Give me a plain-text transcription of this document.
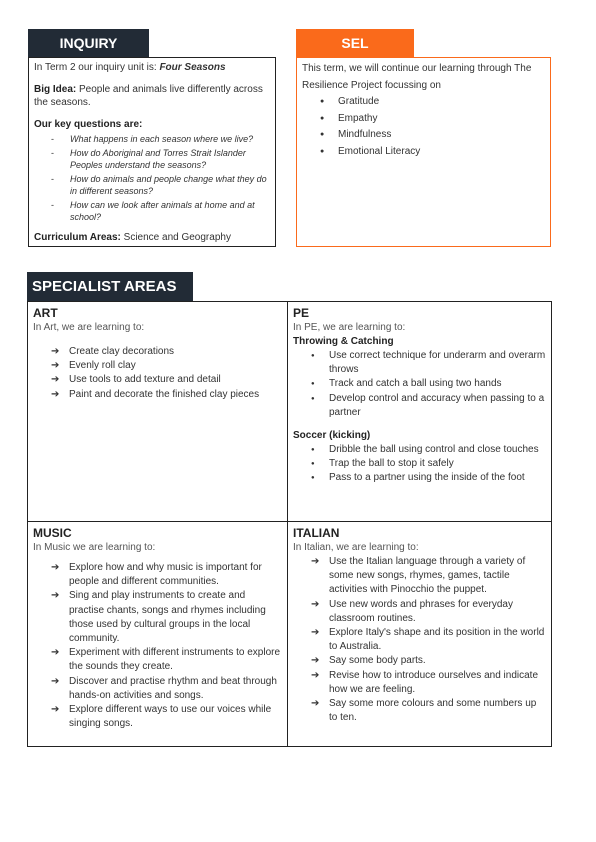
INQUIRY

In Term 2 our inquiry unit is: Four Seasons

Big Idea: People and animals live differently across the seasons.

Our key questions are:

- What happens in each season where we live?
- How do Aboriginal and Torres Strait Islander Peoples understand the seasons?
- How do animals and people change what they do in different seasons?
- How can we look after animals at home and at school?

Curriculum Areas: Science and Geography

SEL

This term, we will continue our learning through The Resilience Project focussing on

● Gratitude
● Empathy
● Mindfulness
● Emotional Literacy
SPECIALIST AREAS

ART

In Art, we are learning to:

➔ Create clay decorations
➔ Evenly roll clay
➔ Use tools to add texture and detail
➔ Paint and decorate the finished clay pieces

PE

In PE, we are learning to:

Throwing & Catching

● Use correct technique for underarm and overarm throws
● Track and catch a ball using two hands
● Develop control and accuracy when passing to a partner

Soccer (kicking)

● Dribble the ball using control and close touches
● Trap the ball to stop it safely
● Pass to a partner using the inside of the foot

MUSIC

In Music we are learning to:

➔ Explore how and why music is important for people and different communities.
➔ Sing and play instruments to create and practise chants, songs and rhymes including those used by cultural groups in the local community.
➔ Experiment with different instruments to explore the sounds they create.
➔ Discover and practise rhythm and beat through hands-on activities and songs.
➔ Explore different ways to use our voices while singing songs.

ITALIAN

In Italian, we are learning to:

➔ Use the Italian language through a variety of some new songs, rhymes, games, tactile activities with Pinocchio the puppet.
➔ Use new words and phrases for everyday classroom routines.
➔ Explore Italy's shape and its position in the world to Australia.
➔ Say some body parts.
➔ Revise how to introduce ourselves and indicate how we are feeling.
➔ Say some more colours and some numbers up to ten.
